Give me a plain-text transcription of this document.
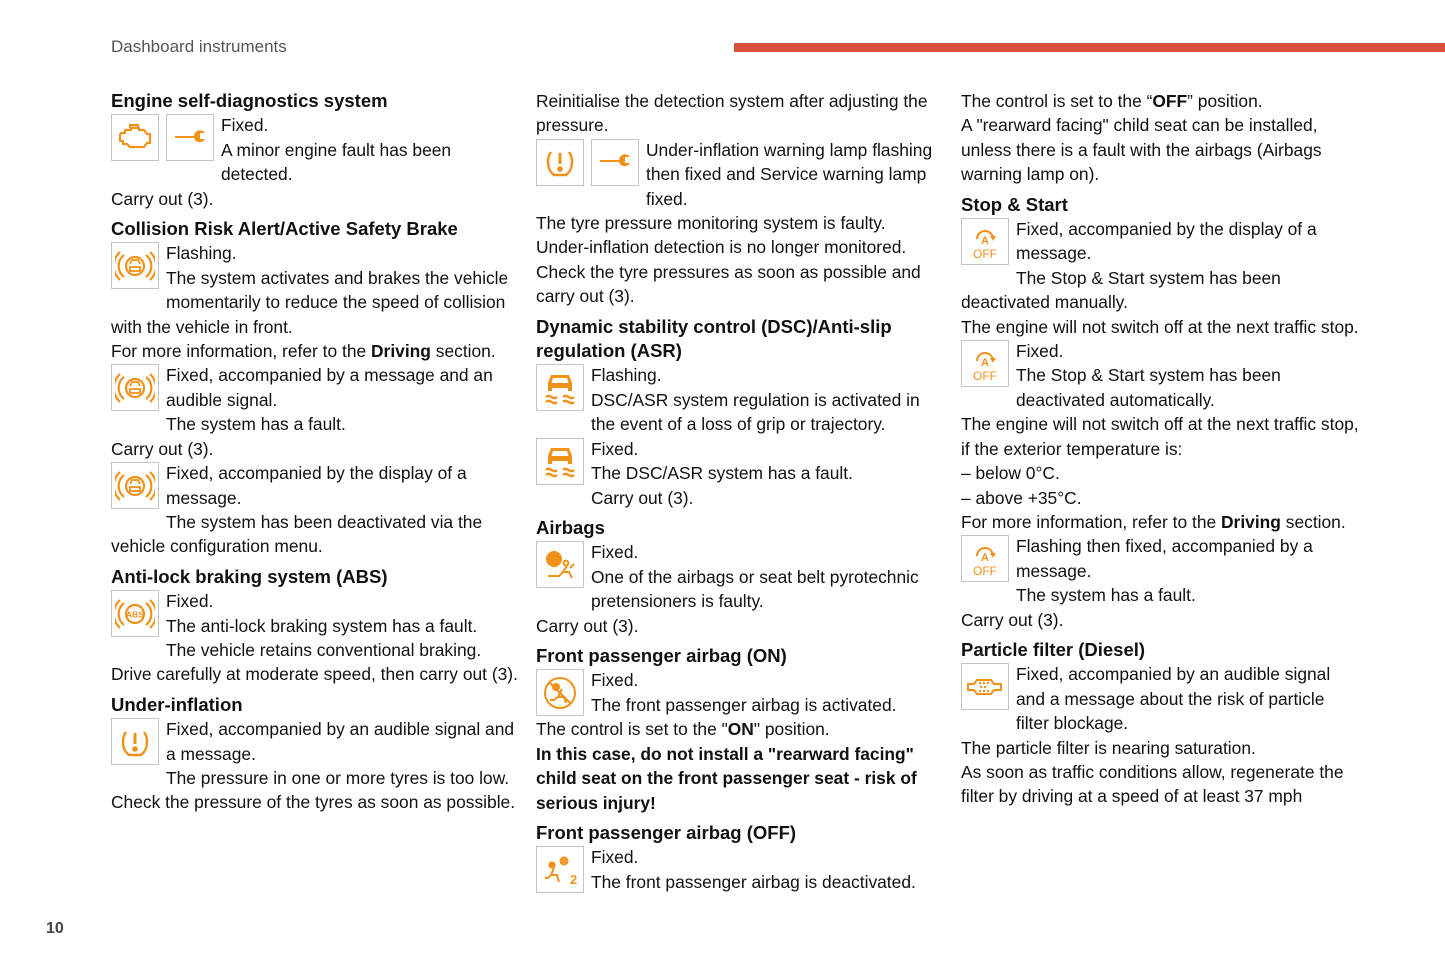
Dashboard instruments
Engine self-diagnostics system

Fixed.

A minor engine fault has been detected.

Carry out (3).

Collision Risk Alert/Active Safety Brake

Flashing.

The system activates and brakes the vehicle momentarily to reduce the speed of collision with the vehicle in front.

For more information, refer to the Driving section.

Fixed, accompanied by a message and an audible signal.

The system has a fault.

Carry out (3).

Fixed, accompanied by the display of a message.

The system has been deactivated via the vehicle configuration menu.

Anti-lock braking system (ABS)
ABS

Fixed.

The anti-lock braking system has a fault.

The vehicle retains conventional braking.

Drive carefully at moderate speed, then carry out (3).

Under-inflation

Fixed, accompanied by an audible signal and a message.

The pressure in one or more tyres is too low.

Check the pressure of the tyres as soon as possible.

Reinitialise the detection system after adjusting the pressure.

Under-inflation warning lamp flashing then fixed and Service warning lamp fixed.

The tyre pressure monitoring system is faulty.

Under-inflation detection is no longer monitored.

Check the tyre pressures as soon as possible and carry out (3).

Dynamic stability control (DSC)/Anti-slip regulation (ASR)

Flashing.

DSC/ASR system regulation is activated in the event of a loss of grip or trajectory.

Fixed.

The DSC/ASR system has a fault.

Carry out (3).

Airbags

Fixed.

One of the airbags or seat belt pyrotechnic pretensioners is faulty.

Carry out (3).

Front passenger airbag (ON)

Fixed.

The front passenger airbag is activated.

The control is set to the "ON" position.

In this case, do not install a "rearward facing" child seat on the front passenger seat - risk of serious injury!

Front passenger airbag (OFF)
2

Fixed.

The front passenger airbag is deactivated.

The control is set to the “OFF” position.

A "rearward facing" child seat can be installed, unless there is a fault with the airbags (Airbags warning lamp on).

Stop & Start
A
OFF

Fixed, accompanied by the display of a message.

The Stop & Start system has been deactivated manually.

The engine will not switch off at the next traffic stop.

A
OFF

Fixed.

The Stop & Start system has been deactivated automatically.

The engine will not switch off at the next traffic stop, if the exterior temperature is:

– below 0°C.

– above +35°C.

For more information, refer to the Driving section.

A
OFF

Flashing then fixed, accompanied by a message.

The system has a fault.

Carry out (3).

Particle filter (Diesel)

Fixed, accompanied by an audible signal and a message about the risk of particle filter blockage.

The particle filter is nearing saturation.

As soon as traffic conditions allow, regenerate the filter by driving at a speed of at least 37 mph

10
